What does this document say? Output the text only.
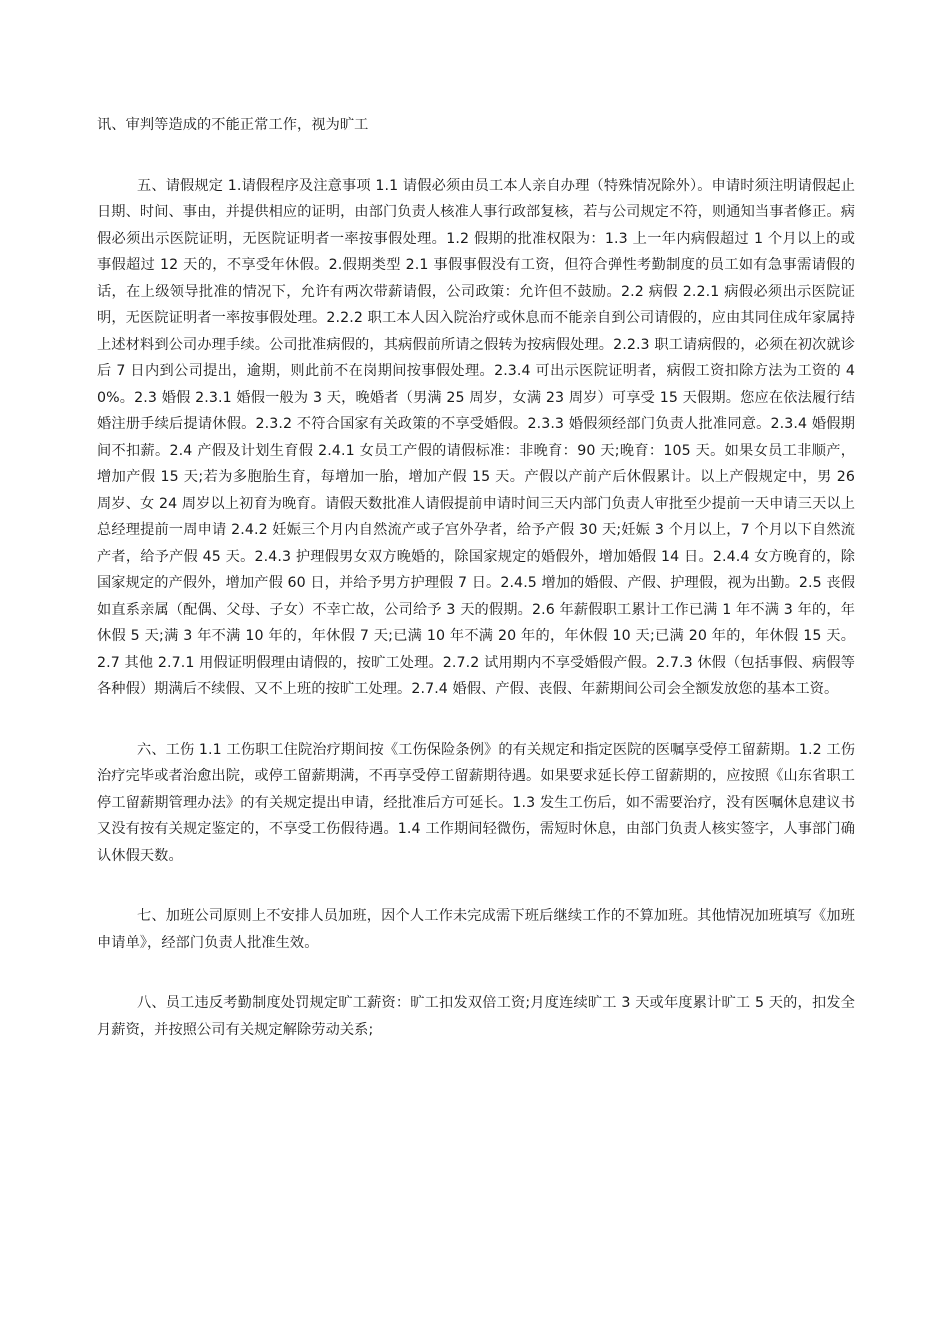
讯、审判等造成的不能正常工作，视为旷工

五、请假规定 1.请假程序及注意事项 1.1 请假必须由员工本人亲自办理（特殊情况除外）。申请时须注明请假起止日期、时间、事由，并提供相应的证明，由部门负责人核准人事行政部复核，若与公司规定不符，则通知当事者修正。病假必须出示医院证明，无医院证明者一率按事假处理。1.2 假期的批准权限为：1.3 上一年内病假超过 1 个月以上的或事假超过 12 天的，不享受年休假。2.假期类型 2.1 事假事假没有工资，但符合弹性考勤制度的员工如有急事需请假的话，在上级领导批准的情况下，允许有两次带薪请假，公司政策：允许但不鼓励。2.2 病假 2.2.1 病假必须出示医院证明，无医院证明者一率按事假处理。2.2.2 职工本人因入院治疗或休息而不能亲自到公司请假的，应由其同住成年家属持上述材料到公司办理手续。公司批准病假的，其病假前所请之假转为按病假处理。2.2.3 职工请病假的，必须在初次就诊后 7 日内到公司提出，逾期，则此前不在岗期间按事假处理。2.3.4 可出示医院证明者，病假工资扣除方法为工资的 40%。2.3 婚假 2.3.1 婚假一般为 3 天，晚婚者（男满 25 周岁，女满 23 周岁）可享受 15 天假期。您应在依法履行结婚注册手续后提请休假。2.3.2 不符合国家有关政策的不享受婚假。2.3.3 婚假须经部门负责人批准同意。2.3.4 婚假期间不扣薪。2.4 产假及计划生育假 2.4.1 女员工产假的请假标准：非晚育：90 天;晚育：105 天。如果女员工非顺产，增加产假 15 天;若为多胞胎生育，每增加一胎，增加产假 15 天。产假以产前产后休假累计。以上产假规定中，男 26 周岁、女 24 周岁以上初育为晚育。请假天数批准人请假提前申请时间三天内部门负责人审批至少提前一天申请三天以上总经理提前一周申请 2.4.2 妊娠三个月内自然流产或子宫外孕者，给予产假 30 天;妊娠 3 个月以上，7 个月以下自然流产者，给予产假 45 天。2.4.3 护理假男女双方晚婚的，除国家规定的婚假外，增加婚假 14 日。2.4.4 女方晚育的，除国家规定的产假外，增加产假 60 日，并给予男方护理假 7 日。2.4.5 增加的婚假、产假、护理假，视为出勤。2.5 丧假如直系亲属（配偶、父母、子女）不幸亡故，公司给予 3 天的假期。2.6 年薪假职工累计工作已满 1 年不满 3 年的，年休假 5 天;满 3 年不满 10 年的，年休假 7 天;已满 10 年不满 20 年的，年休假 10 天;已满 20 年的，年休假 15 天。2.7 其他 2.7.1 用假证明假理由请假的，按旷工处理。2.7.2 试用期内不享受婚假产假。2.7.3 休假（包括事假、病假等各种假）期满后不续假、又不上班的按旷工处理。2.7.4 婚假、产假、丧假、年薪期间公司会全额发放您的基本工资。

六、工伤 1.1 工伤职工住院治疗期间按《工伤保险条例》的有关规定和指定医院的医嘱享受停工留薪期。1.2 工伤治疗完毕或者治愈出院，或停工留薪期满，不再享受停工留薪期待遇。如果要求延长停工留薪期的，应按照《山东省职工停工留薪期管理办法》的有关规定提出申请，经批准后方可延长。1.3 发生工伤后，如不需要治疗，没有医嘱休息建议书又没有按有关规定鉴定的，不享受工伤假待遇。1.4 工作期间轻微伤，需短时休息，由部门负责人核实签字，人事部门确认休假天数。

七、加班公司原则上不安排人员加班，因个人工作未完成需下班后继续工作的不算加班。其他情况加班填写《加班申请单》，经部门负责人批准生效。

八、员工违反考勤制度处罚规定旷工薪资：旷工扣发双倍工资;月度连续旷工 3 天或年度累计旷工 5 天的，扣发全月薪资，并按照公司有关规定解除劳动关系;
